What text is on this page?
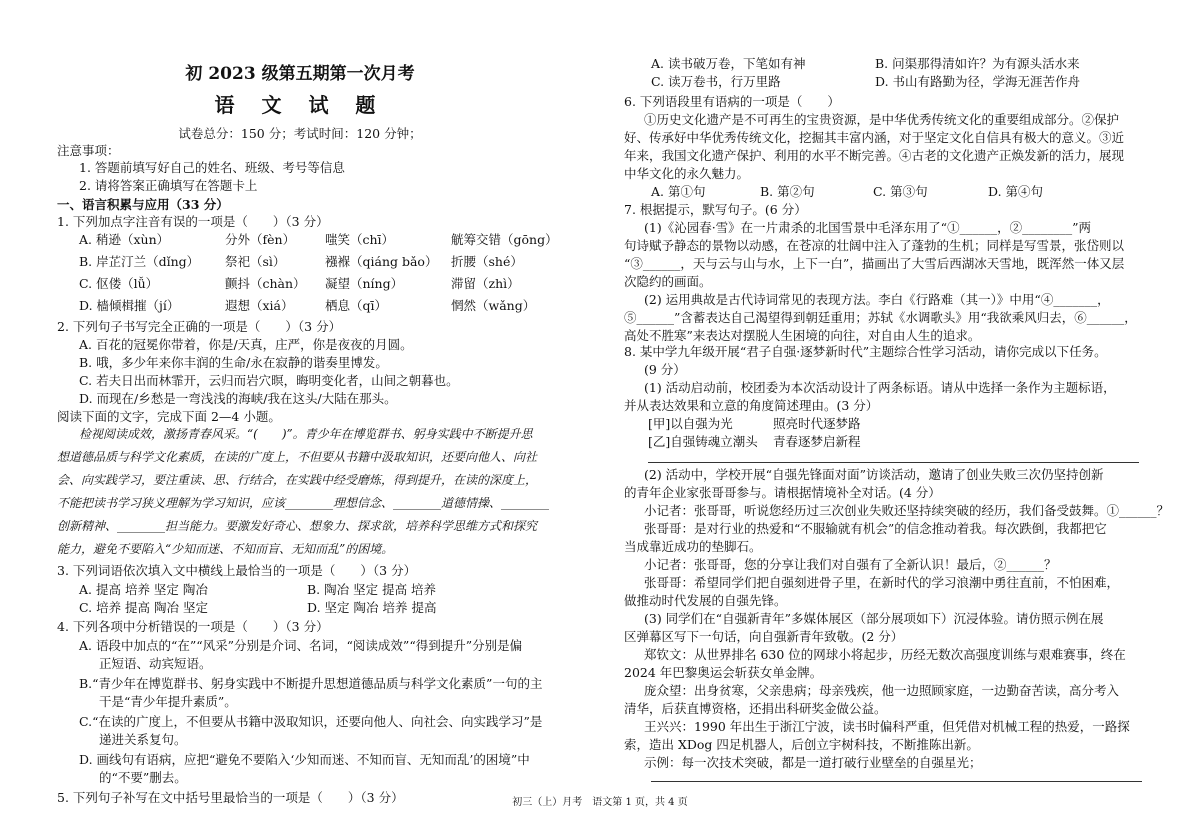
初 2023 级第五期第一次月考
语 文 试 题
试卷总分：150 分；考试时间：120 分钟；
注意事项：
1. 答题前填写好自己的姓名、班级、考号等信息
2. 请将答案正确填写在答题卡上
一、语言积累与应用（33 分）
1. 下列加点字注音有误的一项是（　　）（3 分）
A. 稍逊（xùn）	分外（fèn） 嗤笑（chī）	觥筹交错（gōng）
B. 岸芷汀兰（dǐng） 祭祀（sì）	襁褓（qiáng bǎo） 折腰（shé）
C. 伛偻（lǚ）	颤抖（chàn） 凝望（níng）	滞留（zhì）
D. 樯倾楫摧（jí）	遐想（xiá）	栖息（qī）	惘然（wǎng）
2. 下列句子书写完全正确的一项是（　　）（3 分）
A. 百花的冠冕你带着，你是/天真，庄严，你是夜夜的月圆。
B. 哦，多少年来你丰润的生命/永在寂静的谐奏里博发。
C. 若夫日出而林霏开，云归而岩穴暝，晦明变化者，山间之朝暮也。
D. 而现在/乡愁是一弯浅浅的海峡/我在这头/大陆在那头。
阅读下面的文字，完成下面 2—4 小题。
检视阅读成效，激扬青春风采。“(　　)”。青少年在博览群书、躬身实践中不断提升思
想道德品质与科学文化素质，在读的广度上，不但要从书籍中汲取知识，还要向他人、向社
会、向实践学习，要注重读、思、行结合，在实践中经受磨炼，得到提升，在读的深度上，
不能把读书学习狭义理解为学习知识，应该________理想信念、________道德情操、________
创新精神、________担当能力。要激发好奇心、想象力、探求欲，培养科学思维方式和探究
能力，避免不要陷入“少知而迷、不知而盲、无知而乱”的困境。
3. 下列词语依次填入文中横线上最恰当的一项是（　　）（3 分）
A. 提高 培养 坚定 陶冶	B. 陶冶 坚定 提高 培养
C. 培养 提高 陶冶 坚定	D. 坚定 陶冶 培养 提高
4. 下列各项中分析错误的一项是（　　）（3 分）
A. 语段中加点的“在”“风采”分别是介词、名词，“阅读成效”“得到提升”分别是偏
正短语、动宾短语。
B.“青少年在博览群书、躬身实践中不断提升思想道德品质与科学文化素质”一句的主
干是“青少年提升素质”。
C.“在读的广度上，不但要从书籍中汲取知识，还要向他人、向社会、向实践学习”是
递进关系复句。
D. 画线句有语病，应把“避免不要陷入‘少知而迷、不知而盲、无知而乱’的困境”中
的“不要”删去。
5. 下列句子补写在文中括号里最恰当的一项是（　　）（3 分）
A. 读书破万卷，下笔如有神	B. 问渠那得清如许？为有源头活水来
C. 读万卷书，行万里路	D. 书山有路勤为径，学海无涯苦作舟
6. 下列语段里有语病的一项是（　　）
①历史文化遗产是不可再生的宝贵资源，是中华优秀传统文化的重要组成部分。②保护
好、传承好中华优秀传统文化，挖掘其丰富内涵，对于坚定文化自信具有极大的意义。③近
年来，我国文化遗产保护、利用的水平不断完善。④古老的文化遗产正焕发新的活力，展现
中华文化的永久魅力。
A. 第①句	B. 第②句	C. 第③句	D. 第④句
7. 根据提示，默写句子。(6 分）
(1)《沁园春·雪》在一片肃杀的北国雪景中毛泽东用了“①______，②________”两
句诗赋予静态的景物以动感，在苍凉的壮阔中注入了蓬勃的生机；同样是写雪景，张岱则以
“③______，天与云与山与水，上下一白”，描画出了大雪后西湖冰天雪地，既浑然一体又层
次隐约的画面。
(2) 运用典故是古代诗词常见的表现方法。李白《行路难（其一）》中用“④_______，
⑤______”含蓄表达自己渴望得到朝廷重用；苏轼《水调歌头》用“我欲乘风归去，⑥______，
高处不胜寒”来表达对摆脱人生困境的向往，对自由人生的追求。
8. 某中学九年级开展“君子自强·逐梦新时代”主题综合性学习活动，请你完成以下任务。
(9 分）
(1) 活动启动前，校团委为本次活动设计了两条标语。请从中选择一条作为主题标语，
并从表达效果和立意的角度简述理由。(3 分）
[甲]以自强为光	照亮时代逐梦路
[乙]自强铸魂立潮头 青春逐梦启新程
(2) 活动中，学校开展“自强先锋面对面”访谈活动，邀请了创业失败三次仍坚持创新
的青年企业家张哥哥参与。请根据情境补全对话。(4 分）
小记者：张哥哥，听说您经历过三次创业失败还坚持续突破的经历，我们备受鼓舞。①______？
张哥哥：是对行业的热爱和“不服输就有机会”的信念推动着我。每次跌倒，我都把它
当成靠近成功的垫脚石。
小记者：张哥哥，您的分享让我们对自强有了全新认识！最后，②______？
张哥哥：希望同学们把自强刻进骨子里，在新时代的学习浪潮中勇往直前，不怕困难，
做推动时代发展的自强先锋。
(3) 同学们在“自强新青年”多媒体展区（部分展项如下）沉浸体验。请仿照示例在展
区弹幕区写下一句话，向自强新青年致敬。(2 分）
郑钦文：从世界排名 630 位的网球小将起步，历经无数次高强度训练与艰难赛事，终在
2024 年巴黎奥运会斩获女单金牌。
庞众望：出身贫寒，父亲患病；母亲残疾，他一边照顾家庭，一边勤奋苦读，高分考入
清华，后获直博资格，还捐出科研奖金做公益。
王兴兴：1990 年出生于浙江宁波，读书时偏科严重，但凭借对机械工程的热爱，一路探
索，造出 XDog 四足机器人，后创立宇树科技，不断推陈出新。
示例：每一次技术突破，都是一道打破行业壁垒的自强星光；
初三（上）月考　语文第 1 页，共 4 页
